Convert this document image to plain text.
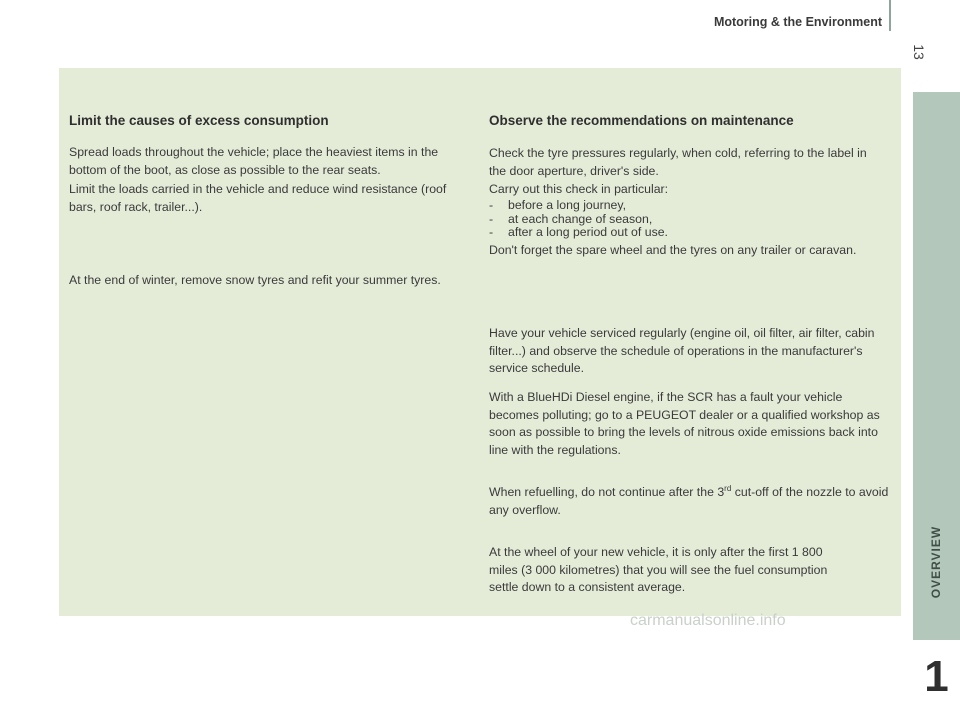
Motoring & the Environment
13
OVERVIEW
1
Limit the causes of excess consumption

Spread loads throughout the vehicle; place the heaviest items in the bottom of the boot, as close as possible to the rear seats.

Limit the loads carried in the vehicle and reduce wind resistance (roof bars, roof rack, trailer...).

At the end of winter, remove snow tyres and refit your summer tyres.

Observe the recommendations on maintenance

Check the tyre pressures regularly, when cold, referring to the label in the door aperture, driver's side.

Carry out this check in particular:

-	before a long journey,
-	at each change of season,
-	after a long period out of use.

Don't forget the spare wheel and the tyres on any trailer or caravan.

Have your vehicle serviced regularly (engine oil, oil filter, air filter, cabin filter...) and observe the schedule of operations in the manufacturer's service schedule.

With a BlueHDi Diesel engine, if the SCR has a fault your vehicle becomes polluting; go to a PEUGEOT dealer or a qualified workshop as soon as possible to bring the levels of nitrous oxide emissions back into line with the regulations.

When refuelling, do not continue after the 3rd cut-off of the nozzle to avoid any overflow.

At the wheel of your new vehicle, it is only after the first 1 800 miles (3 000 kilometres) that you will see the fuel consumption settle down to a consistent average.

carmanualsonline.info
